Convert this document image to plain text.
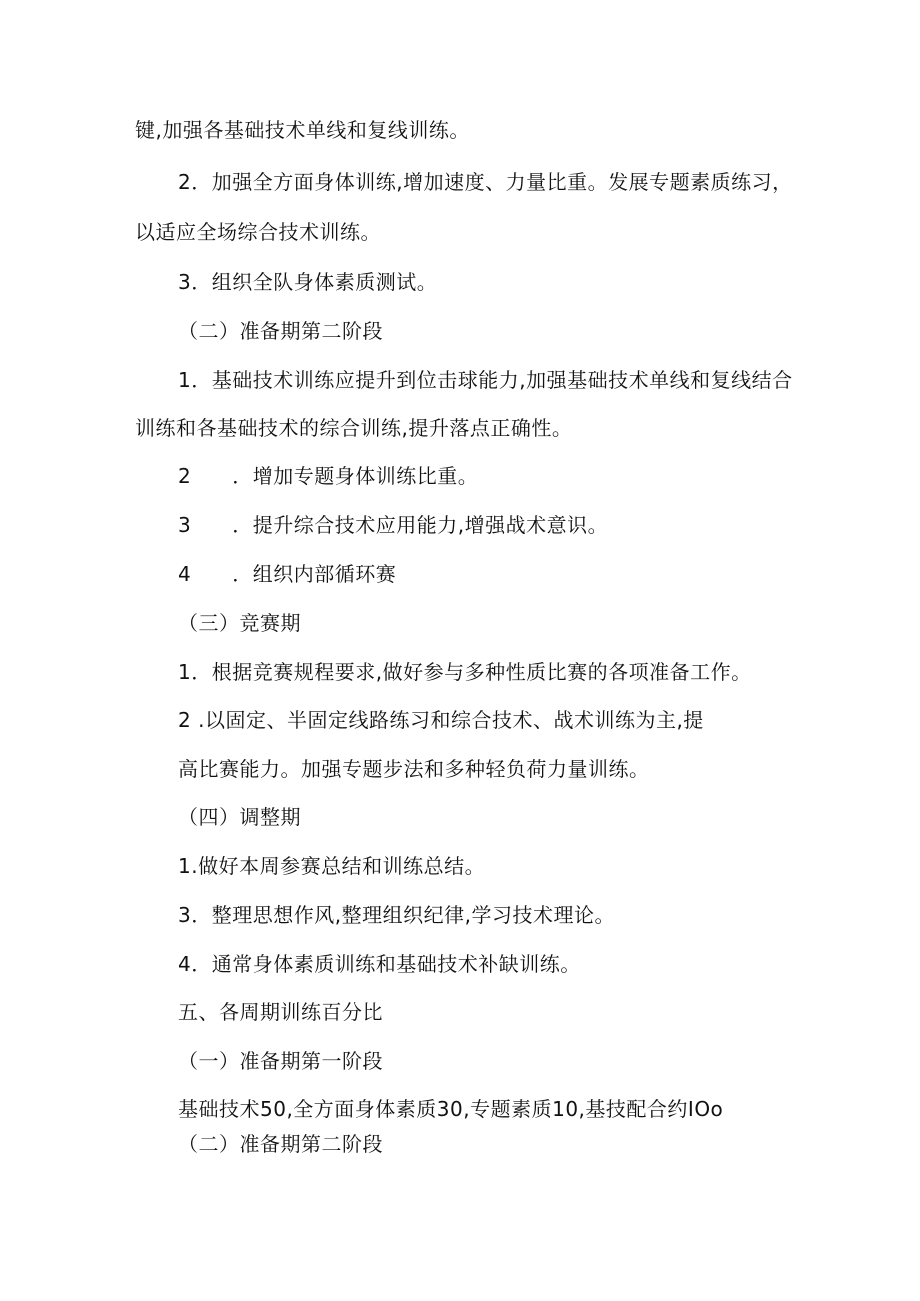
键,加强各基础技术单线和复线训练。
2．加强全方面身体训练,增加速度、力量比重。发展专题素质练习，
以适应全场综合技术训练。
3．组织全队身体素质测试。
（二）准备期第二阶段
1．基础技术训练应提升到位击球能力,加强基础技术单线和复线结合
训练和各基础技术的综合训练,提升落点正确性。
2　　．增加专题身体训练比重。
3　　．提升综合技术应用能力,增强战术意识。
4　　．组织内部循环赛
（三）竞赛期
1．根据竞赛规程要求,做好参与多种性质比赛的各项准备工作。
2 .以固定、半固定线路练习和综合技术、战术训练为主,提
高比赛能力。加强专题步法和多种轻负荷力量训练。
（四）调整期
1.做好本周参赛总结和训练总结。
3．整理思想作风,整理组织纪律,学习技术理论。
4．通常身体素质训练和基础技术补缺训练。
五、各周期训练百分比
（一）准备期第一阶段
基础技术50,全方面身体素质30,专题素质10,基技配合约IOo
（二）准备期第二阶段
